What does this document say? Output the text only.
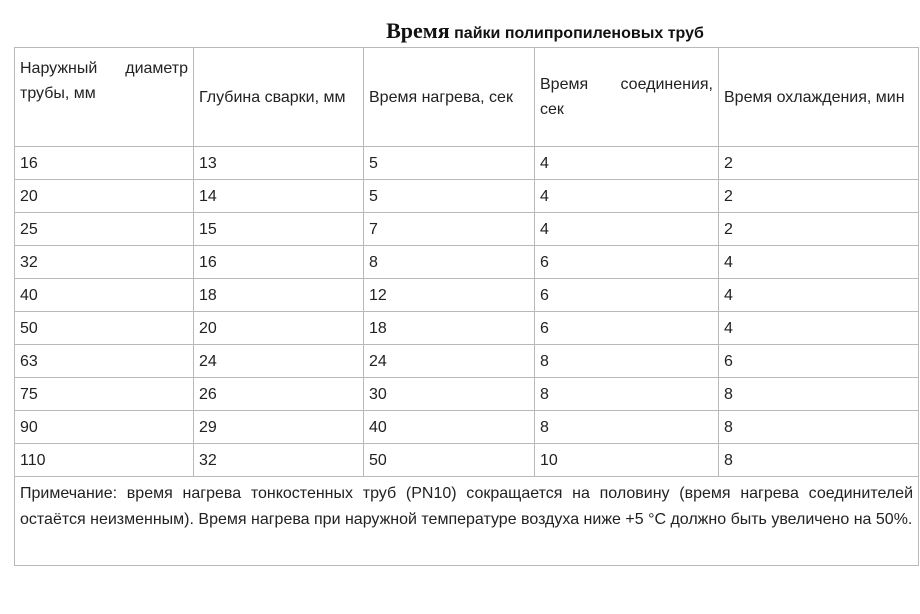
Время пайки полипропиленовых труб
Наружный диаметр трубы, мм	Глубина сварки, мм	Время нагрева, сек	Время соединения, сек	Время охлаждения, мин
16	13	5	4	2
20	14	5	4	2
25	15	7	4	2
32	16	8	6	4
40	18	12	6	4
50	20	18	6	4
63	24	24	8	6
75	26	30	8	8
90	29	40	8	8
110	32	50	10	8
Примечание: время нагрева тонкостенных труб (PN10) сокращается на половину (время нагрева соединителей остаётся неизменным). Время нагрева при наружной температуре воздуха ниже +5 °С должно быть увеличено на 50%.				
